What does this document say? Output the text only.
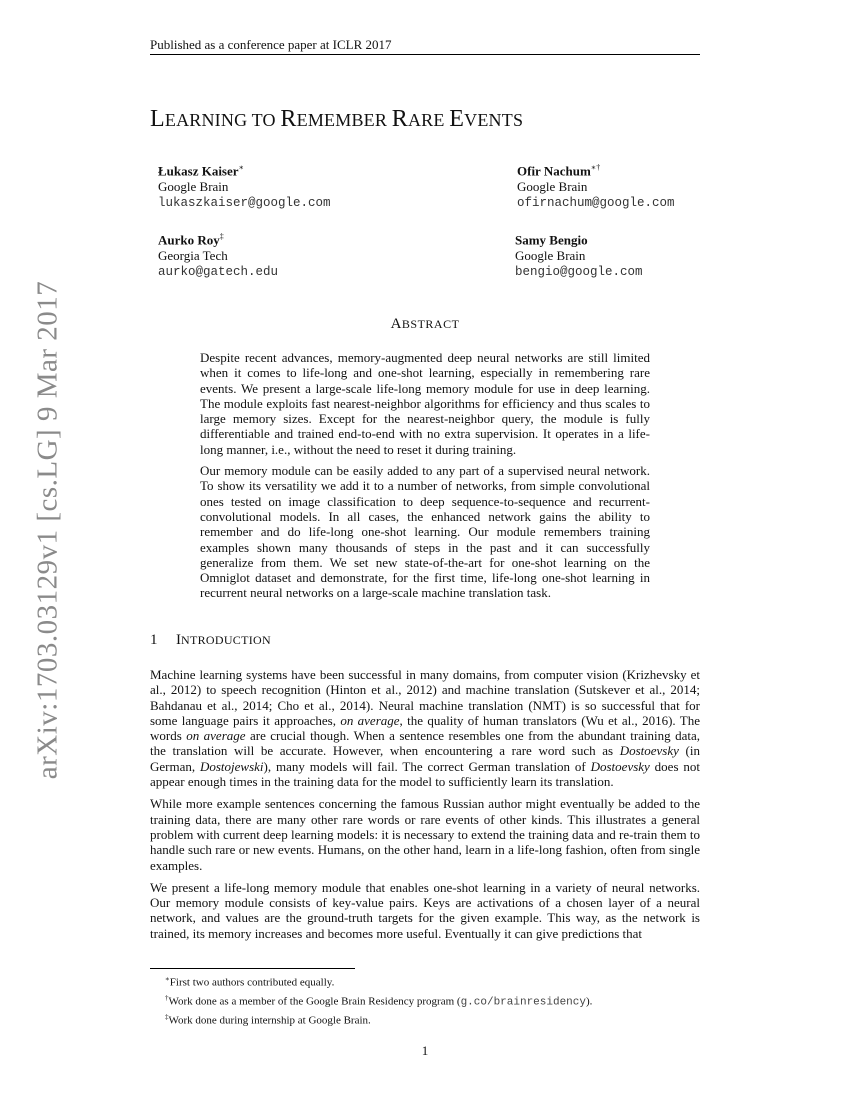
Published as a conference paper at ICLR 2017
arXiv:1703.03129v1 [cs.LG] 9 Mar 2017
LEARNING TO REMEMBER RARE EVENTS
Łukasz Kaiser∗
Google Brain
lukaszkaiser@google.com
Ofir Nachum∗†
Google Brain
ofirnachum@google.com
Aurko Roy‡
Georgia Tech
aurko@gatech.edu
Samy Bengio
Google Brain
bengio@google.com
ABSTRACT

Despite recent advances, memory-augmented deep neural networks are still limited when it comes to life-long and one-shot learning, especially in remembering rare events. We present a large-scale life-long memory module for use in deep learning. The module exploits fast nearest-neighbor algorithms for efficiency and thus scales to large memory sizes. Except for the nearest-neighbor query, the module is fully differentiable and trained end-to-end with no extra supervision. It operates in a life-long manner, i.e., without the need to reset it during training.

Our memory module can be easily added to any part of a supervised neural network. To show its versatility we add it to a number of networks, from simple convolutional ones tested on image classification to deep sequence-to-sequence and recurrent-convolutional models. In all cases, the enhanced network gains the ability to remember and do life-long one-shot learning. Our module remembers training examples shown many thousands of steps in the past and it can successfully generalize from them. We set new state-of-the-art for one-shot learning on the Omniglot dataset and demonstrate, for the first time, life-long one-shot learning in recurrent neural networks on a large-scale machine translation task.

1 INTRODUCTION

Machine learning systems have been successful in many domains, from computer vision (Krizhevsky et al., 2012) to speech recognition (Hinton et al., 2012) and machine translation (Sutskever et al., 2014; Bahdanau et al., 2014; Cho et al., 2014). Neural machine translation (NMT) is so successful that for some language pairs it approaches, on average, the quality of human translators (Wu et al., 2016). The words on average are crucial though. When a sentence resembles one from the abundant training data, the translation will be accurate. However, when encountering a rare word such as Dostoevsky (in German, Dostojewski), many models will fail. The correct German translation of Dostoevsky does not appear enough times in the training data for the model to sufficiently learn its translation.

While more example sentences concerning the famous Russian author might eventually be added to the training data, there are many other rare words or rare events of other kinds. This illustrates a general problem with current deep learning models: it is necessary to extend the training data and re-train them to handle such rare or new events. Humans, on the other hand, learn in a life-long fashion, often from single examples.

We present a life-long memory module that enables one-shot learning in a variety of neural networks. Our memory module consists of key-value pairs. Keys are activations of a chosen layer of a neural network, and values are the ground-truth targets for the given example. This way, as the network is trained, its memory increases and becomes more useful. Eventually it can give predictions that

∗First two authors contributed equally.
†Work done as a member of the Google Brain Residency program (g.co/brainresidency).
‡Work done during internship at Google Brain.
1
